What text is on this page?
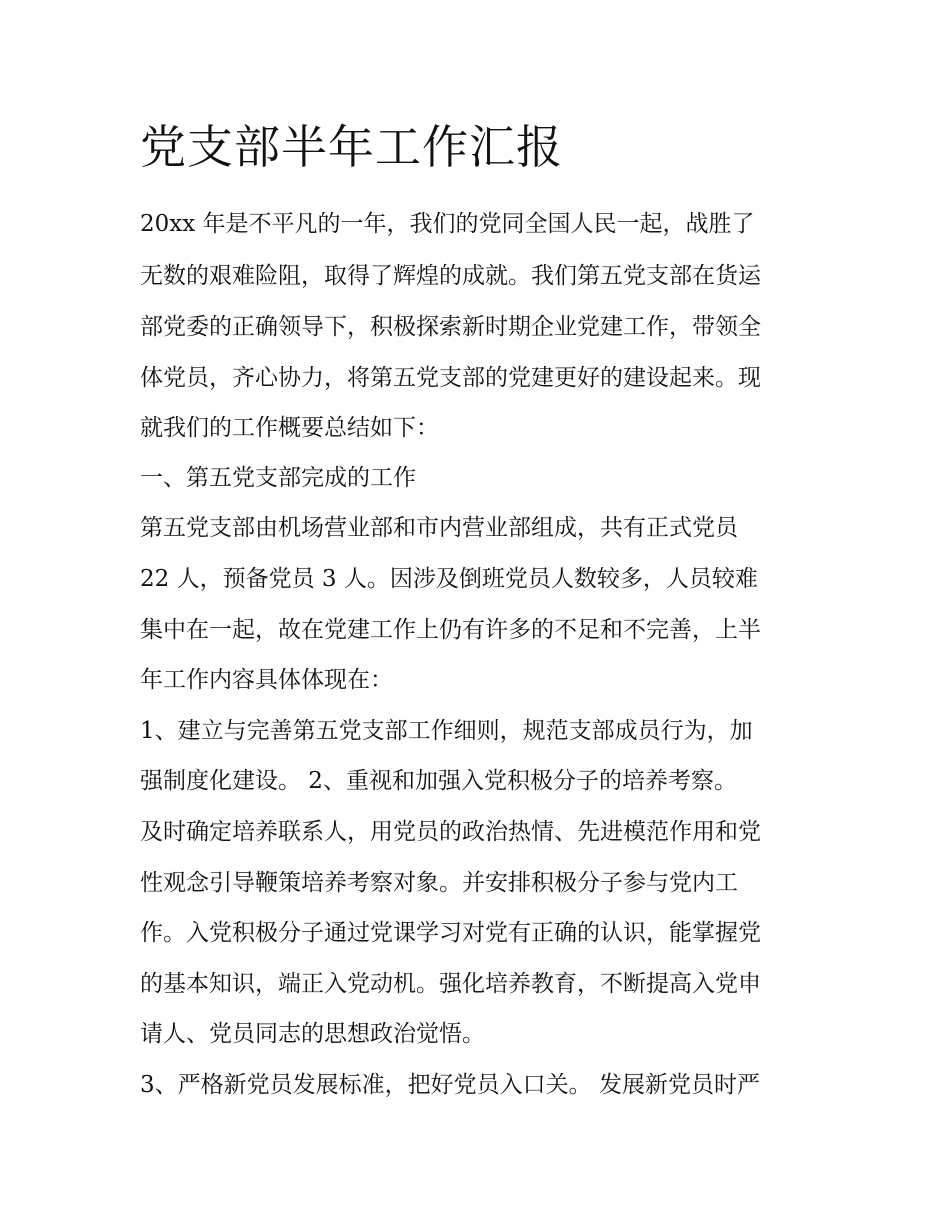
党支部半年工作汇报
20xx 年是不平凡的一年，我们的党同全国人民一起，战胜了
无数的艰难险阻，取得了辉煌的成就。我们第五党支部在货运
部党委的正确领导下，积极探索新时期企业党建工作，带领全
体党员，齐心协力，将第五党支部的党建更好的建设起来。现
就我们的工作概要总结如下：
一、第五党支部完成的工作
第五党支部由机场营业部和市内营业部组成，共有正式党员
22 人，预备党员 3 人。因涉及倒班党员人数较多，人员较难
集中在一起，故在党建工作上仍有许多的不足和不完善，上半
年工作内容具体体现在：
1、建立与完善第五党支部工作细则，规范支部成员行为，加
强制度化建设。 2、重视和加强入党积极分子的培养考察。
及时确定培养联系人，用党员的政治热情、先进模范作用和党
性观念引导鞭策培养考察对象。并安排积极分子参与党内工
作。入党积极分子通过党课学习对党有正确的认识，能掌握党
的基本知识，端正入党动机。强化培养教育，不断提高入党申
请人、党员同志的思想政治觉悟。
3、严格新党员发展标准，把好党员入口关。 发展新党员时严
